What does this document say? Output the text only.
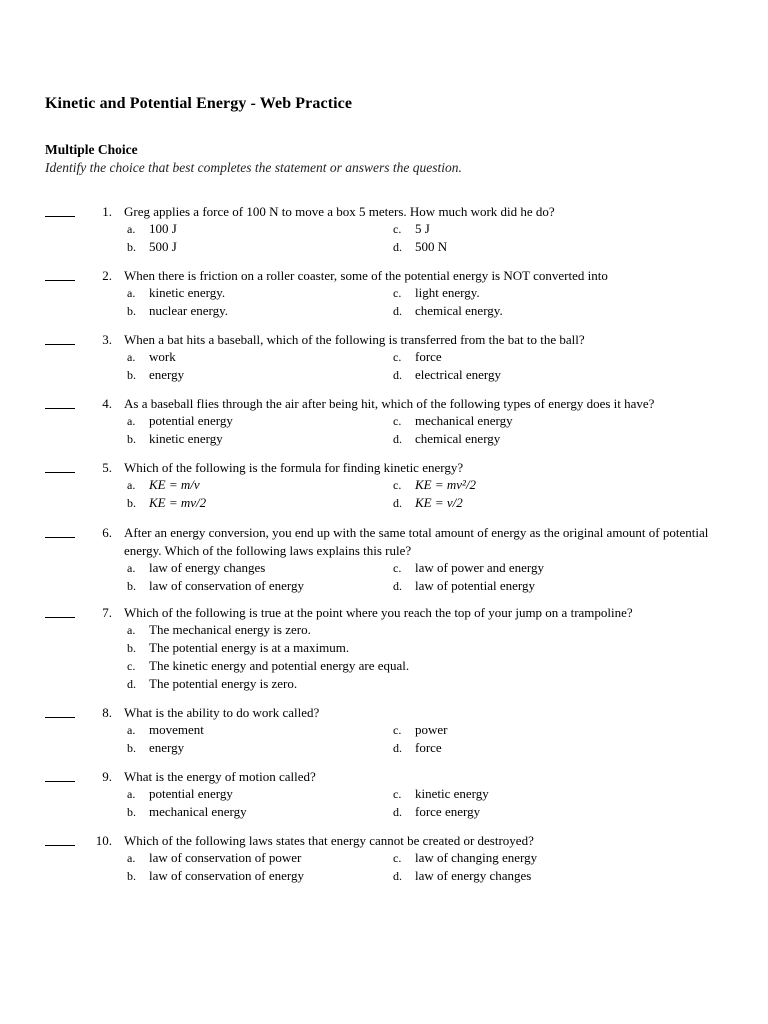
Kinetic and Potential Energy - Web Practice
Multiple Choice
Identify the choice that best completes the statement or answers the question.
1. Greg applies a force of 100 N to move a box 5 meters. How much work did he do?
a.	100 J
b.	500 J
c.	5 J
d.	500 N
2. When there is friction on a roller coaster, some of the potential energy is NOT converted into
a.	kinetic energy.
b.	nuclear energy.
c.	light energy.
d.	chemical energy.
3. When a bat hits a baseball, which of the following is transferred from the bat to the ball?
a.	work
b.	energy
c.	force
d.	electrical energy
4. As a baseball flies through the air after being hit, which of the following types of energy does it have?
a.	potential energy
b.	kinetic energy
c.	mechanical energy
d.	chemical energy
5. Which of the following is the formula for finding kinetic energy?
a.	KE = m/v
b.	KE = mv/2
c.	KE = mv²/2
d.	KE = v/2
6. After an energy conversion, you end up with the same total amount of energy as the original amount of potential energy. Which of the following laws explains this rule?
a.	law of energy changes
b.	law of conservation of energy
c.	law of power and energy
d.	law of potential energy
7. Which of the following is true at the point where you reach the top of your jump on a trampoline?
a.	The mechanical energy is zero.
b.	The potential energy is at a maximum.
c.	The kinetic energy and potential energy are equal.
d.	The potential energy is zero.
8. What is the ability to do work called?
a.	movement
b.	energy
c.	power
d.	force
9. What is the energy of motion called?
a.	potential energy
b.	mechanical energy
c.	kinetic energy
d.	force energy
10. Which of the following laws states that energy cannot be created or destroyed?
a.	law of conservation of power
b.	law of conservation of energy
c.	law of changing energy
d.	law of energy changes
